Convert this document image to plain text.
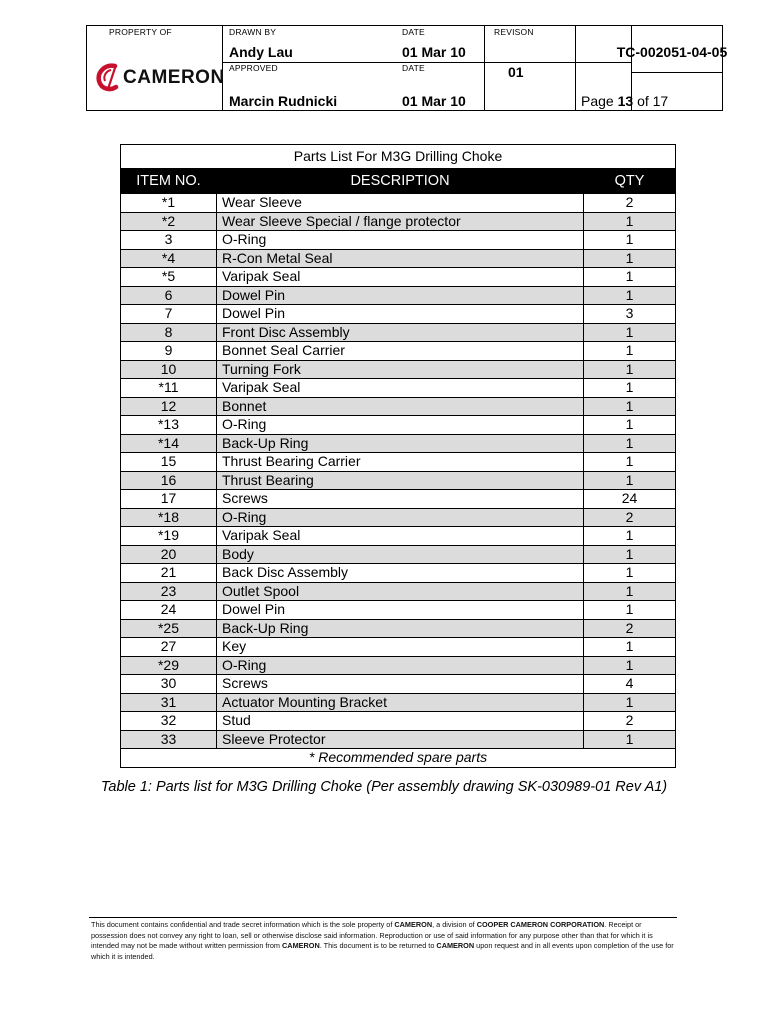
PROPERTY OF
CAMERON
DRAWN BY
Andy Lau
APPROVED
Marcin Rudnicki
DATE
01 Mar 10
DATE
01 Mar 10
REVISON
01
TC-002051-04-05
Page 13 of 17
Parts List For M3G Drilling Choke		
ITEM NO.	DESCRIPTION	QTY
*1	Wear Sleeve	2
*2	Wear Sleeve Special / flange protector	1
3	O-Ring	1
*4	R-Con Metal Seal	1
*5	Varipak Seal	1
6	Dowel Pin	1
7	Dowel Pin	3
8	Front Disc Assembly	1
9	Bonnet Seal Carrier	1
10	Turning Fork	1
*11	Varipak Seal	1
12	Bonnet	1
*13	O-Ring	1
*14	Back-Up Ring	1
15	Thrust Bearing Carrier	1
16	Thrust Bearing	1
17	Screws	24
*18	O-Ring	2
*19	Varipak Seal	1
20	Body	1
21	Back Disc Assembly	1
23	Outlet Spool	1
24	Dowel Pin	1
*25	Back-Up Ring	2
27	Key	1
*29	O-Ring	1
30	Screws	4
31	Actuator Mounting Bracket	1
32	Stud	2
33	Sleeve Protector	1
* Recommended spare parts		
Table 1: Parts list for M3G Drilling Choke (Per assembly drawing SK-030989-01 Rev A1)
This document contains confidential and trade secret information which is the sole property of CAMERON, a division of COOPER CAMERON CORPORATION. Receipt or possession does not convey any right to loan, sell or otherwise disclose said information. Reproduction or use of said information for any purpose other than that for which it is intended may not be made without written permission from CAMERON. This document is to be returned to CAMERON upon request and in all events upon completion of the use for which it is intended.
